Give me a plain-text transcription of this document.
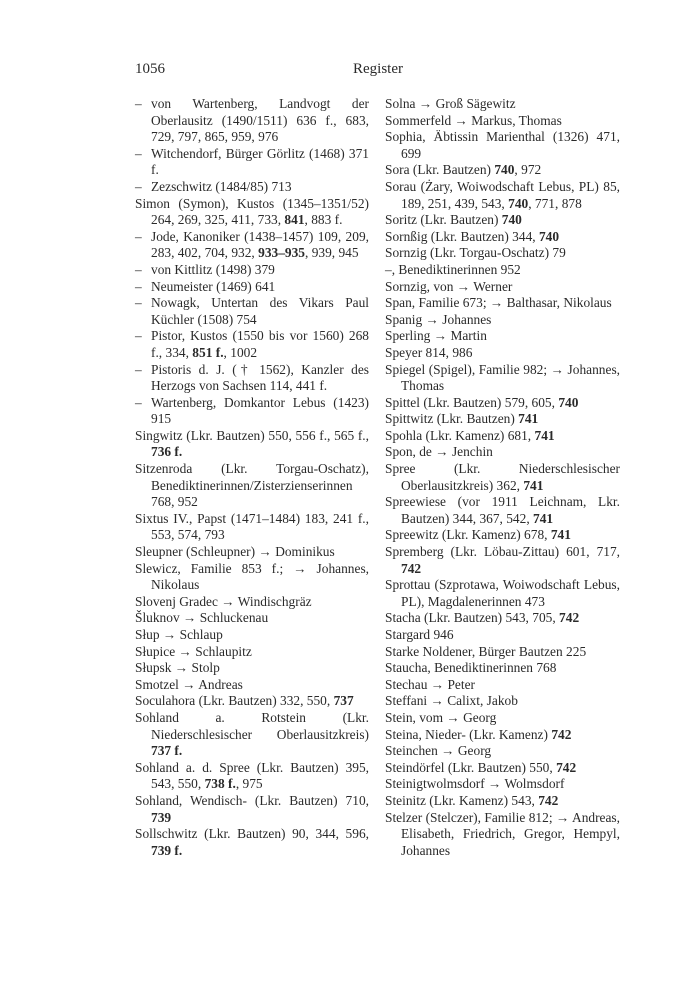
1056	Register
– von Wartenberg, Landvogt der Oberlausitz (1490/1511) 636 f., 683, 729, 797, 865, 959, 976
– Witchendorf, Bürger Görlitz (1468) 371 f.
– Zezschwitz (1484/85) 713
Simon (Symon), Kustos (1345–1351/52) 264, 269, 325, 411, 733, 841, 883 f.
– Jode, Kanoniker (1438–1457) 109, 209, 283, 402, 704, 932, 933–935, 939, 945
– von Kittlitz (1498) 379
– Neumeister (1469) 641
– Nowagk, Untertan des Vikars Paul Küchler (1508) 754
– Pistor, Kustos (1550 bis vor 1560) 268 f., 334, 851 f., 1002
– Pistoris d. J. († 1562), Kanzler des Herzogs von Sachsen 114, 441 f.
– Wartenberg, Domkantor Lebus (1423) 915
Singwitz (Lkr. Bautzen) 550, 556 f., 565 f., 736 f.
Sitzenroda (Lkr. Torgau-Oschatz), Benediktinerinnen/Zisterzienserinnen 768, 952
Sixtus IV., Papst (1471–1484) 183, 241 f., 553, 574, 793
Sleupner (Schleupner) → Dominikus
Slewicz, Familie 853 f.; → Johannes, Nikolaus
Slovenj Gradec → Windischgräz
Šluknov → Schluckenau
Słup → Schlaup
Słupice → Schlaupitz
Słupsk → Stolp
Smotzel → Andreas
Soculahora (Lkr. Bautzen) 332, 550, 737
Sohland a. Rotstein (Lkr. Niederschlesischer Oberlausitzkreis) 737 f.
Sohland a. d. Spree (Lkr. Bautzen) 395, 543, 550, 738 f., 975
Sohland, Wendisch- (Lkr. Bautzen) 710, 739
Sollschwitz (Lkr. Bautzen) 90, 344, 596, 739 f.
Solna → Groß Sägewitz
Sommerfeld → Markus, Thomas
Sophia, Äbtissin Marienthal (1326) 471, 699
Sora (Lkr. Bautzen) 740, 972
Sorau (Żary, Woiwodschaft Lebus, PL) 85, 189, 251, 439, 543, 740, 771, 878
Soritz (Lkr. Bautzen) 740
Sornßig (Lkr. Bautzen) 344, 740
Sornzig (Lkr. Torgau-Oschatz) 79
–, Benediktinerinnen 952
Sornzig, von → Werner
Span, Familie 673; → Balthasar, Nikolaus
Spanig → Johannes
Sperling → Martin
Speyer 814, 986
Spiegel (Spigel), Familie 982; → Johannes, Thomas
Spittel (Lkr. Bautzen) 579, 605, 740
Spittwitz (Lkr. Bautzen) 741
Spohla (Lkr. Kamenz) 681, 741
Spon, de → Jenchin
Spree (Lkr. Niederschlesischer Oberlausitzkreis) 362, 741
Spreewiese (vor 1911 Leichnam, Lkr. Bautzen) 344, 367, 542, 741
Spreewitz (Lkr. Kamenz) 678, 741
Spremberg (Lkr. Löbau-Zittau) 601, 717, 742
Sprottau (Szprotawa, Woiwodschaft Lebus, PL), Magdalenerinnen 473
Stacha (Lkr. Bautzen) 543, 705, 742
Stargard 946
Starke Noldener, Bürger Bautzen 225
Staucha, Benediktinerinnen 768
Stechau → Peter
Steffani → Calixt, Jakob
Stein, vom → Georg
Steina, Nieder- (Lkr. Kamenz) 742
Steinchen → Georg
Steindörfel (Lkr. Bautzen) 550, 742
Steinigtwolmsdorf → Wolmsdorf
Steinitz (Lkr. Kamenz) 543, 742
Stelzer (Stelczer), Familie 812; → Andreas, Elisabeth, Friedrich, Gregor, Hempyl, Johannes
